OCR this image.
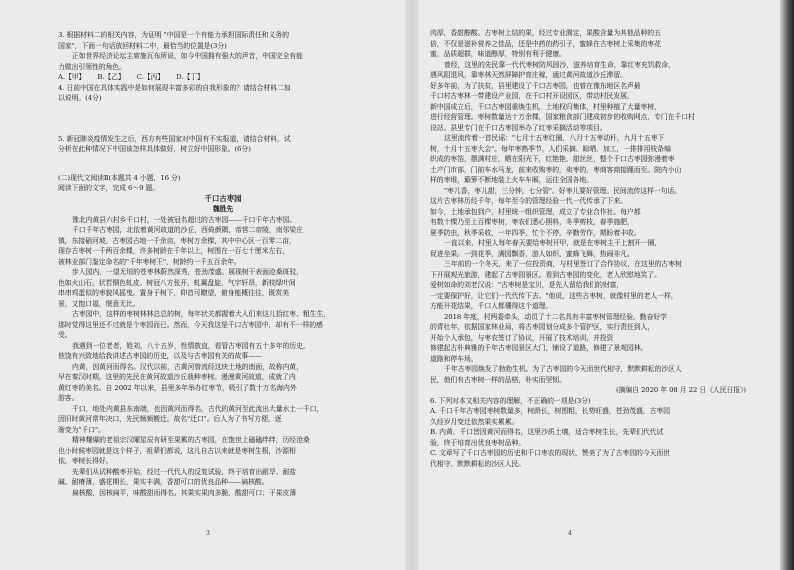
3. 根据材料二的相关内容，为证明 "中国是一个有能力承担国际责任和义务的

国家"，下面一句话放回材料二中，最恰当的位置是(3分)

正如世界经济论坛主席施瓦布所说，如今中国拥有强大的声音，中国完全有能

力做出引领性的角色。

A.【甲】 B.【乙】 C.【丙】 D.【丁】

4. 日前中国在具体实践中是如何展现丰富多彩的自我形象的？请结合材料二加

以说明。(4分)

5. 新冠肺炎疫情发生之后，西方有些国家对中国有不实报道，请结合材料，试

分析在此种情况下中国该怎样具体做好，树立好中国形象。(6分)

(二)现代文阅读Ⅱ(本题共 4 小题，16 分)

阅读下面的文字，完成 6～9 题。

千口古枣园

魏胜先

豫北内黄县六村乡千口村，一处被冠名超过的古枣园——千口千年古枣园。

千口千年古枣园，北依着黄河故道的沙丘，西倚颜隅，帝喾二帝陵，南邻梁庄

镇，东接硝河坡。古枣园占地一千余亩，枣树万余棵，其中中心区一百零二亩，

现存古枣树一千两百余棵，许多树龄在千年以上，树围在一百七十厘米左右，

被林业部门鉴定命名的"千年枣树王"，树龄约一千五百余年。

步入园内，一望无垠的苍枣林蔚然深秀，苍劲茂盛。展现树干表面沧桑斑驳，

色如火山石，状若铜色虬皮。树冠八方张开，虬翼盘旋，气宇轩昂，新枝绿叶间

串串鸡蛋似的枣貌风摇曳。置身于树下，仰首可瞭望，俯身能概往往，既赏美

景，又饱口福，惬意无比。

古枣园中，这样的枣树林林总总的树，每年状关都握着大人们来这儿拾红枣、粗生生，

那时觉得这里还不过就是个枣园而已。然而，今天我这是千口古枣园中，却有不一样的感

受。

我遇到一位老者，姓刘，八十五岁，性情敦直，看管古枣园有五十多年的历史，

他饶有兴致地给我讲述古枣园的历史，以及与古枣园有关的故事——

内黄，因黄河而得名。汉代以前，古黄河曾流经这块土地的南面，故称内黄，

早在秦汉时期，这里的先民在黄河故道沙丘栽种枣树。漫漫黄河故道，成就了内

黄红枣的美名。自 2002 年以来，县里多年举办红枣节，吸引了数十万名海内外

游客。

千口，地处内黄县东南端，也因黄河而得名，古代的黄河至此流出大量水土一千口，

因旧时黄河常年决口，先民频频搬迁。故名"迁口"。后人为了书写方便，逐

渐变为"千口"。

精神耀爆的老祖宗汉曜星辰有研至果累的古枣园，在饱世上磕磕绊绊，历经沧桑

也小时候枣园就是这个样子，祖辈们都说，这儿自古以来就是枣树生根，沙源相

依，枣树长得好。

先辈们从试种酸枣开始，经过一代代人的反复试验，终于培育出耐旱、耐盐

碱、耐瘠薄，盛花期长，果实丰满，香甜可口的优良品种——扁核酸。

扁核酸，因核扁平，味酸甜而得名。其果实果肉多脆，酸甜可口；干果皮薄

3

肉厚，香甜醇酸。古枣树上结的果，经过专业测定，果酸含量为其他品种的五

倍，不仅是滋补营养之佳品，还是中药的药引子，蜜蜂在古枣树上采集的枣花

蜜，品质超群，味道醇厚，特别有利于健康。

曾经，这里的先民靠一代代枣树防风固沙，滋养培育生命，靠红枣充饥救命，

遇风阻退风，靠枣林天然屏障护育庄稼，通过黄河故道沙丘滞留。

好多年前，为了扶贫，县里建设了千口古枣园，也曾在豫东地区名声最

千口村古枣林一带建设产业园，在千口村开设园区，带动村民发展。

新中国成立后，千口古枣园重焕生机，土地权归集体，村里种植了大量枣树，

进行经营管理。枣树数量达十万余棵，国家粮食部门建成初步的收购网点，专门在千口村

设站。县里专门在千口古枣园举办了红枣采摘活动等项目。

这里流传着一首民谣："七月十五枣红圈，八月十五枣动秆，九月十五枣下

树，十月十五枣大会"。每年枣熟季节，人们采摘、晾晒、加工，一排排用枝条编

织成的枣箔，摆满村庄，晒在阳光下，红艳艳、甜丝丝，整个千口古枣园弥漫着枣

土产门市部，门前车水马龙，前来收购枣的，卖枣的，枣商客商接踵而至。院内小山

样的枣堆，簸箩不断地装上火车车厢，运往全国各地。

"枣儿香，枣儿甜，三分钟，七分管"。好枣儿要好管理。民间流传这样一句话。

这片古枣林历经千年，每年至今的管理经验一代一代传承了下来。

如今，土地承包到户，村里统一组织管理，成立了专业合作社。每户都

有数十棵乃至上百棵枣树，枣农们悉心照料，冬季剪枝，春季施肥，

夏季防虫，秋季采收，一年四季，忙个不停，辛勤劳作，期盼着丰收。

一直以来，村里人每年春天要给枣树开甲，就是在枣树主干上割开一圈，

促进坐果。一到花季，满园飘香，游人如织，蜜蜂飞舞，热闹非凡。

三年前的一个冬天，来了一位投资商，与村里签订了合作协议，在这里的古枣树

下开展观光旅游，建起了古枣园景区。看到古枣园的变化，老人欣慰地笑了。

爱树如命的刘老汉说："古枣树是宝贝，是先人留给我们的财富，

一定要保护好，让它们一代代传下去。"他说，这些古枣树，就像村里的老人一样，

方能开花结果，千口人都懂得这个道理。

2018 年度，村两委牵头，动员了十二名具有丰富枣树管理经验、勤奋好学

的青壮年，依据国家林业局，将古枣园划分成多个管护区，实行责任到人，

开始个人承包，与枣农签订了协议，开展了技术培训，并投资

修建起古朴典雅的千年古枣园景区大门，铺设了道路，修建了景观园林。

道路和停车场。

千年古枣园焕发了勃勃生机。为了古枣园的今天而世代相守，默默耕耘的沙区人

民，他们有古枣树一样的品格，朴实而坚韧。

(摘编自 2020 年 08 月 22 日《人民日报》)

6. 下列对本文相关内容的理解，不正确的一项是(3分)

A. 千口千年古枣园枣树数量多，树龄长，树围粗，长势旺盛，苍劲茂盛，古枣园

久经岁月变迁依然果实累累。

B. 内黄、千口皆因黄河而得名，这里沙质土壤，适合枣树生长，先辈们代代试

验，终于培育出优良枣树品种。

C. 文章写了千口古枣园的历史和千口枣农的现状，赞美了为了古枣园的今天而世

代相守、默默耕耘的沙区人民。

4
